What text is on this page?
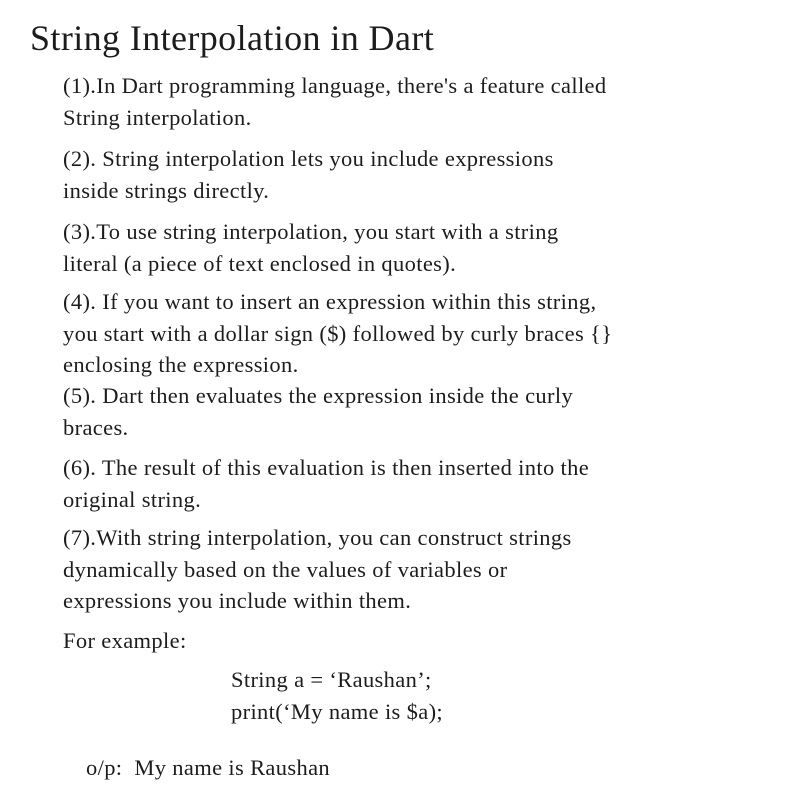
String Interpolation in Dart

(1).In Dart programming language, there's a feature called
String interpolation.

(2). String interpolation lets you include expressions
inside strings directly.

(3).To use string interpolation, you start with a string
literal (a piece of text enclosed in quotes).

(4). If you want to insert an expression within this string,
you start with a dollar sign ($) followed by curly braces {}
enclosing the expression.

(5). Dart then evaluates the expression inside the curly
braces.

(6). The result of this evaluation is then inserted into the
original string.

(7).With string interpolation, you can construct strings
dynamically based on the values of variables or
expressions you include within them.

For example:

String a = ‘Raushan’;
print(‘My name is $a);

o/p: My name is Raushan
